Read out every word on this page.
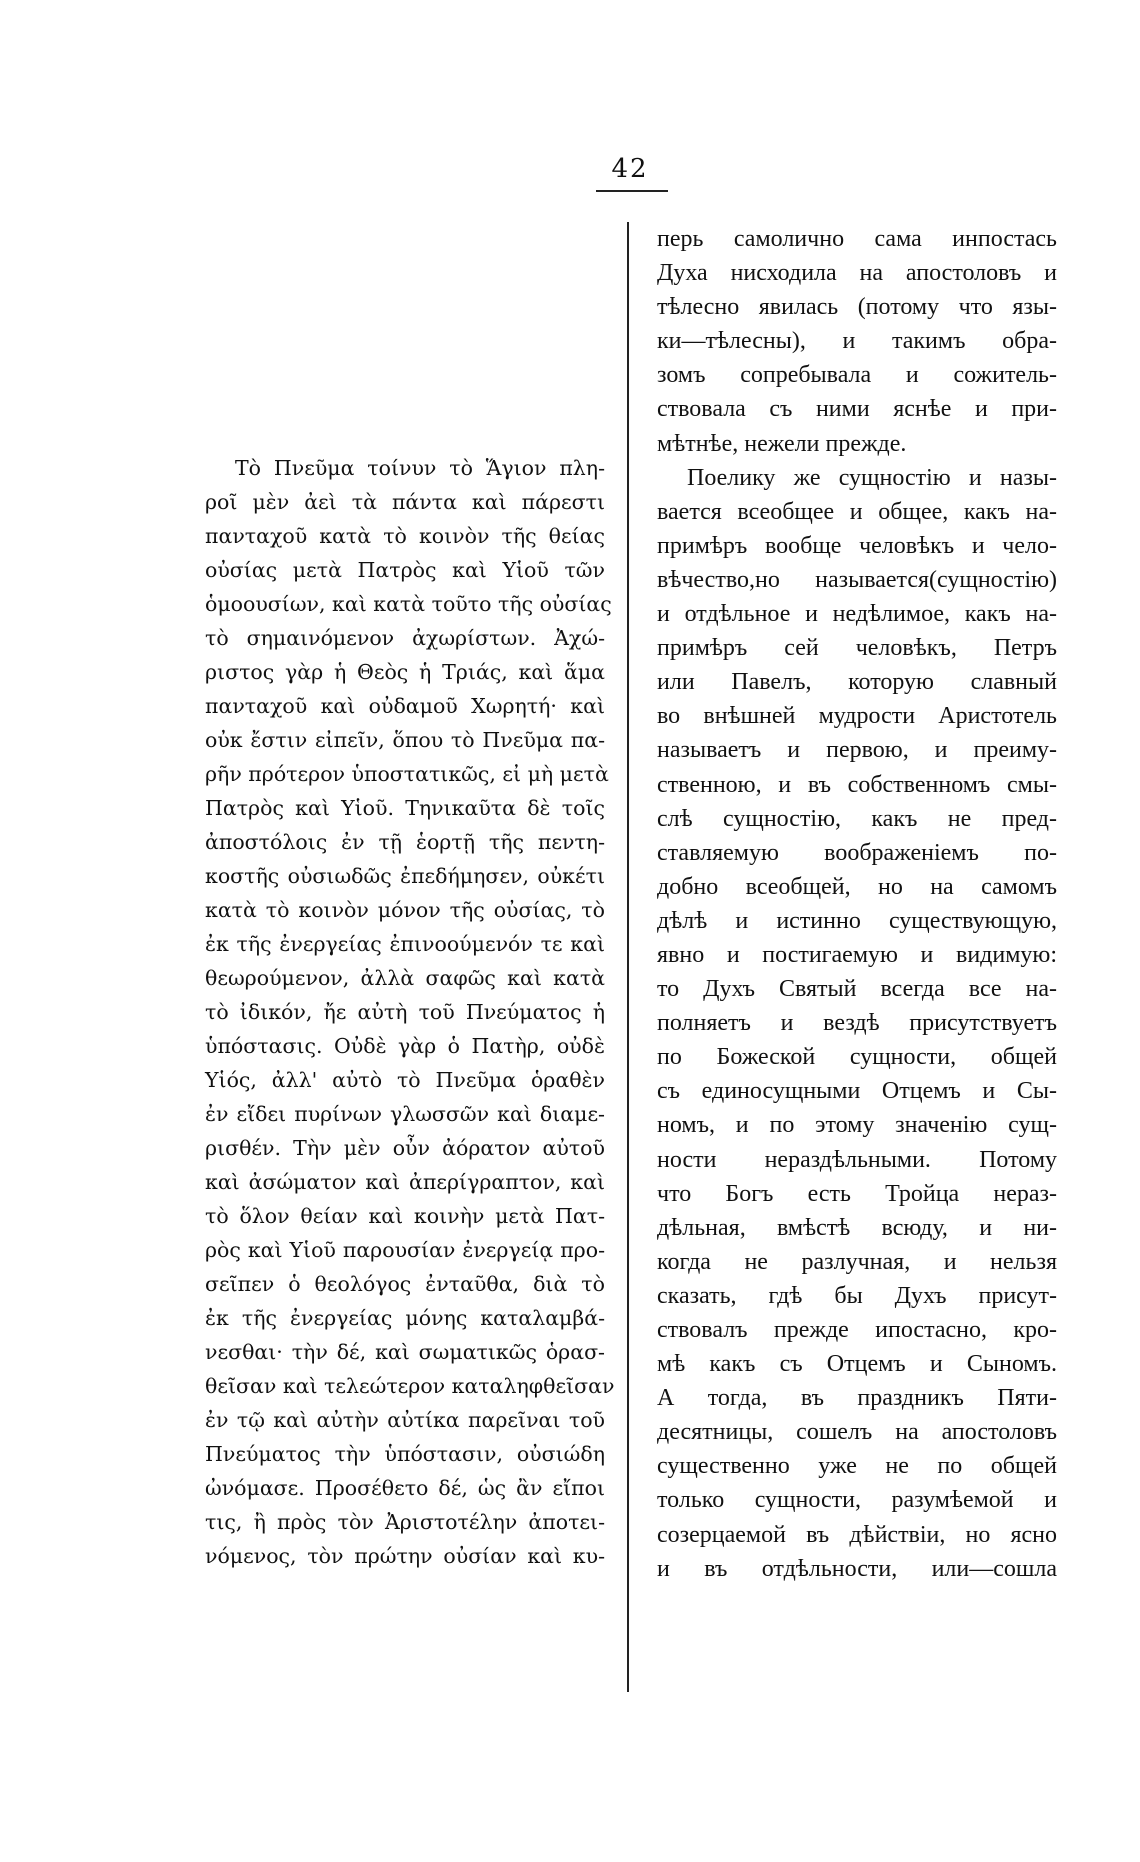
42
Τὸ Πνεῦμα τοίνυν τὸ Ἅγιον πλη-
ροῖ μὲν ἀεὶ τὰ πάντα καὶ πάρεστι
πανταχοῦ κατὰ τὸ κοινὸν τῆς θείας
οὐσίας μετὰ Πατρὸς καὶ Υἱοῦ τῶν
ὁμοουσίων, καὶ κατὰ τοῦτο τῆς οὐσίας
τὸ σημαινόμενον ἀχωρίστων. Ἀχώ-
ριστος γὰρ ἡ Θεὸς ἡ Τριάς, καὶ ἅμα
πανταχοῦ καὶ οὐδαμοῦ Χωρητή· καὶ
οὐκ ἔστιν εἰπεῖν, ὅπου τὸ Πνεῦμα πα-
ρῆν πρότερον ὑποστατικῶς, εἰ μὴ μετὰ
Πατρὸς καὶ Υἱοῦ. Τηνικαῦτα δὲ τοῖς
ἀποστόλοις ἐν τῇ ἑορτῇ τῆς πεντη-
κοστῆς οὐσιωδῶς ἐπεδήμησεν, οὐκέτι
κατὰ τὸ κοινὸν μόνον τῆς οὐσίας, τὸ
ἐκ τῆς ἐνεργείας ἐπινοούμενόν τε καὶ
θεωρούμενον, ἀλλὰ σαφῶς καὶ κατὰ
τὸ ἰδικόν, ἤε αὐτὴ τοῦ Πνεύματος ἡ
ὑπόστασις. Οὐδὲ γὰρ ὁ Πατὴρ, οὐδὲ
Υἱός, ἀλλ' αὐτὸ τὸ Πνεῦμα ὁραθὲν
ἐν εἴδει πυρίνων γλωσσῶν καὶ διαμε-
ρισθέν. Τὴν μὲν οὖν ἀόρατον αὐτοῦ
καὶ ἀσώματον καὶ ἀπερίγραπτον, καὶ
τὸ ὅλον θείαν καὶ κοινὴν μετὰ Πατ-
ρὸς καὶ Υἱοῦ παρουσίαν ἐνεργείᾳ προ-
σεῖπεν ὁ θεολόγος ἐνταῦθα, διὰ τὸ
ἐκ τῆς ἐνεργείας μόνης καταλαμβά-
νεσθαι· τὴν δέ, καὶ σωματικῶς ὁρασ-
θεῖσαν καὶ τελεώτερον καταληφθεῖσαν
ἐν τῷ καὶ αὐτὴν αὐτίκα παρεῖναι τοῦ
Πνεύματος τὴν ὑπόστασιν, οὐσιώδη
ὠνόμασε. Προσέθετο δέ, ὡς ἂν εἴποι
τις, ἢ πρὸς τὸν Ἀριστοτέλην ἀποτει-
νόμενος, τὸν πρώτην οὐσίαν καὶ κυ-
перь самолично сама инпостась
Духа нисходила на апостоловъ и
тѣлесно явилась (потому что язы-
ки—тѣлесны), и такимъ обра-
зомъ сопребывала и сожитель-
ствовала съ ними яснѣе и при-
мѣтнѣе, нежели прежде.
Поелику же сущностію и назы-
вается всеобщее и общее, какъ на-
примѣръ вообще человѣкъ и чело-
вѣчество,но называется(сущностію)
и отдѣльное и недѣлимое, какъ на-
примѣръ сей человѣкъ, Петръ
или Павелъ, которую славный
во внѣшней мудрости Аристотель
называетъ и первою, и преиму-
ственною, и въ собственномъ смы-
слѣ сущностію, какъ не пред-
ставляемую воображеніемъ по-
добно всеобщей, но на самомъ
дѣлѣ и истинно существующую,
явно и постигаемую и видимую:
то Духъ Святый всегда все на-
полняетъ и вездѣ присутствуетъ
по Божеской сущности, общей
съ единосущными Отцемъ и Сы-
номъ, и по этому значенію сущ-
ности нераздѣльными. Потому
что Богъ есть Тройца нераз-
дѣльная, вмѣстѣ всюду, и ни-
когда не разлучная, и нельзя
сказать, гдѣ бы Духъ присут-
ствовалъ прежде ипостасно, кро-
мѣ какъ съ Отцемъ и Сыномъ.
А тогда, въ праздникъ Пяти-
десятницы, сошелъ на апостоловъ
существенно уже не по общей
только сущности, разумѣемой и
созерцаемой въ дѣйствіи, но ясно
и въ отдѣльности, или—сошла
